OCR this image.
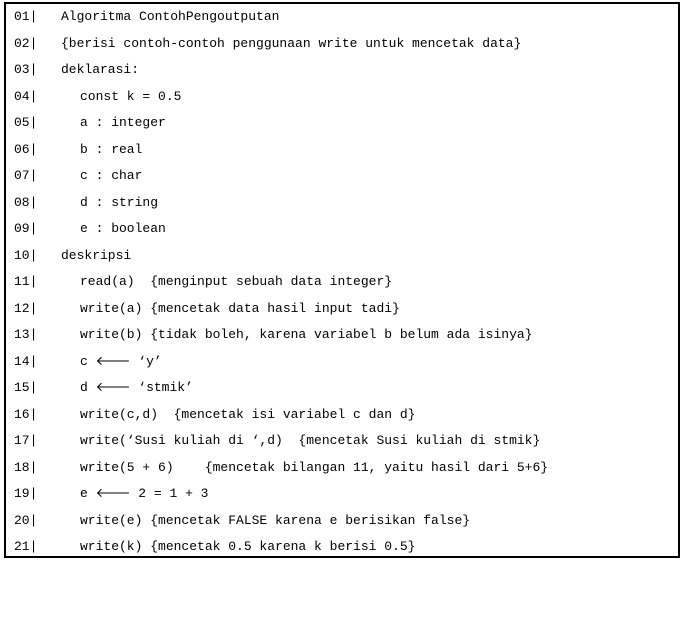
01|

Algoritma ContohPengoutputan

02|

{berisi contoh-contoh penggunaan write untuk mencetak data}

03|

deklarasi:

04|

	const k = 0.5

05|

	a : integer

06|

	b : real

07|

	c : char

08|

	d : string

09|

	e : boolean

10|

deskripsi

11|

	read(a)  {menginput sebuah data integer}

12|

	write(a) {mencetak data hasil input tadi}

13|

	write(b) {tidak boleh, karena variabel b belum ada isinya}

14|

	c 🡐 ‘y’

15|

	d 🡐 ‘stmik’

16|

	write(c,d)  {mencetak isi variabel c dan d}

17|

	write(‘Susi kuliah di ‘,d)  {mencetak Susi kuliah di stmik}

18|

	write(5 + 6)    {mencetak bilangan 11, yaitu hasil dari 5+6}

19|

	e 🡐 2 = 1 + 3

20|

	write(e) {mencetak FALSE karena e berisikan false}

21|

	write(k) {mencetak 0.5 karena k berisi 0.5}
